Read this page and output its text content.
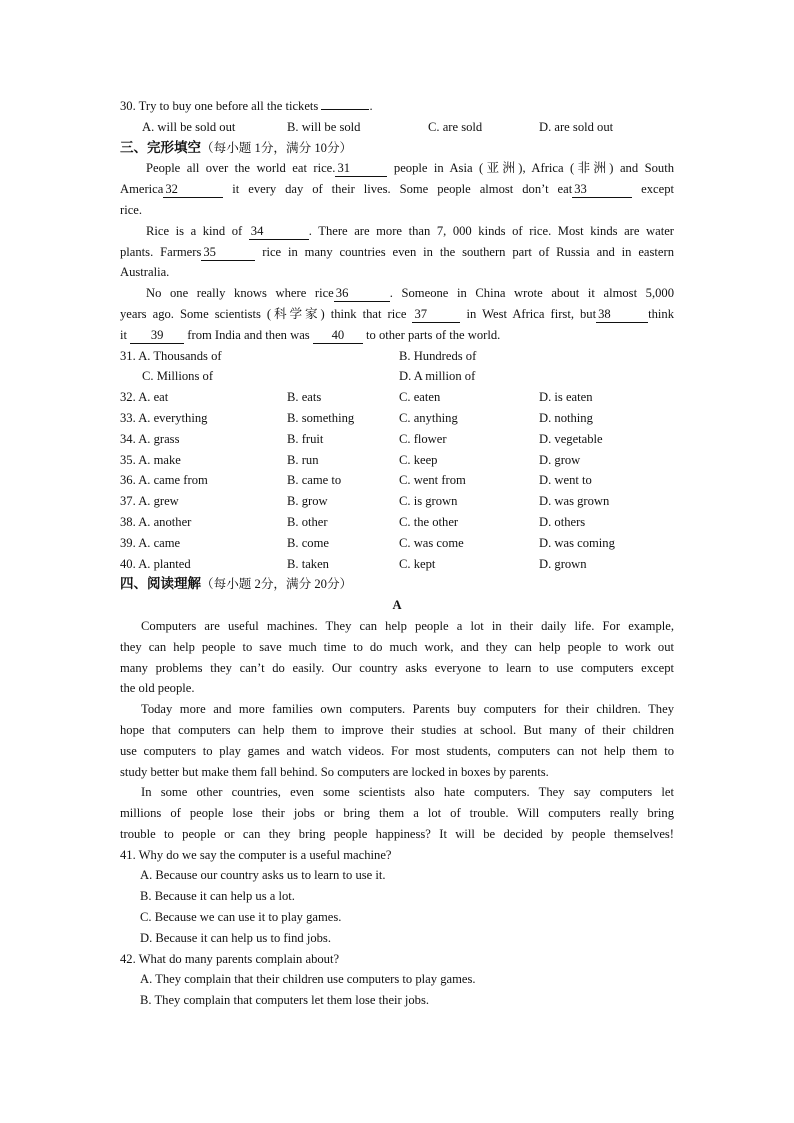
30. Try to buy one before all the tickets	.
A. will be sold out	B. will be sold	C. are sold	D. are sold out
三、完形填空（每小题 1分，满分 10分）
People all over the world eat rice. 31	people in Asia (亚洲), Africa (非洲) and South
America 32	it every day of their lives. Some people almost don’t eat 33	except
rice.
Rice is a kind of 34	. There are more than 7, 000 kinds of rice. Most kinds are water
plants. Farmers 35	rice in many countries even in the southern part of Russia and in eastern
Australia.
No one really knows where rice 36	. Someone in China wrote about it almost 5,000
years ago. Some scientists (科学家) think that rice 37	in West Africa first, but 38	think
it 39 from India and then was 40 to other parts of the world.
31. A. Thousands of	B. Hundreds of
C. Millions of	D. A million of
32. A. eat	B. eats	C. eaten	D. is eaten
33. A. everything	B. something	C. anything	D. nothing
34. A. grass	B. fruit	C. flower	D. vegetable
35. A. make	B. run	C. keep	D. grow
36. A. came from	B. came to	C. went from	D. went to
37. A. grew	B. grow	C. is grown	D. was grown
38. A. another	B. other	C. the other	D. others
39. A. came	B. come	C. was come	D. was coming
40. A. planted	B. taken	C. kept	D. grown
四、阅读理解（每小题 2分，满分 20分）
A
Computers are useful machines. They can help people a lot in their daily life. For example,
they can help people to save much time to do much work, and they can help people to work out
many problems they can’t do easily. Our country asks everyone to learn to use computers except
the old people.
Today more and more families own computers. Parents buy computers for their children. They
hope that computers can help them to improve their studies at school. But many of their children
use computers to play games and watch videos. For most students, computers can not help them to
study better but make them fall behind. So computers are locked in boxes by parents.
In some other countries, even some scientists also hate computers. They say computers let
millions of people lose their jobs or bring them a lot of trouble. Will computers really bring
trouble to people or can they bring people happiness? It will be decided by people themselves!
41. Why do we say the computer is a useful machine?
A. Because our country asks us to learn to use it.
B. Because it can help us a lot.
C. Because we can use it to play games.
D. Because it can help us to find jobs.
42. What do many parents complain about?
A. They complain that their children use computers to play games.
B. They complain that computers let them lose their jobs.
